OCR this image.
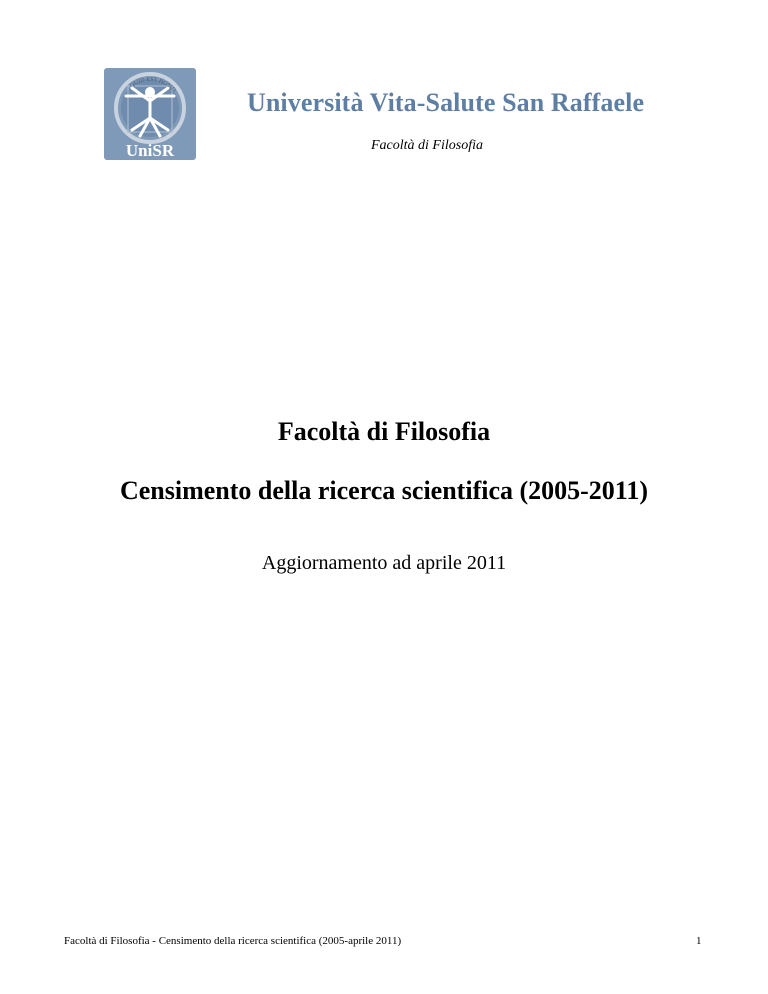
QUID EST HOMO
UniSR
Università Vita-Salute San Raffaele
Facoltà di Filosofia
Facoltà di Filosofia
Censimento della ricerca scientifica (2005-2011)
Aggiornamento ad aprile 2011
Facoltà di Filosofia - Censimento della ricerca scientifica (2005-aprile 2011)	1
